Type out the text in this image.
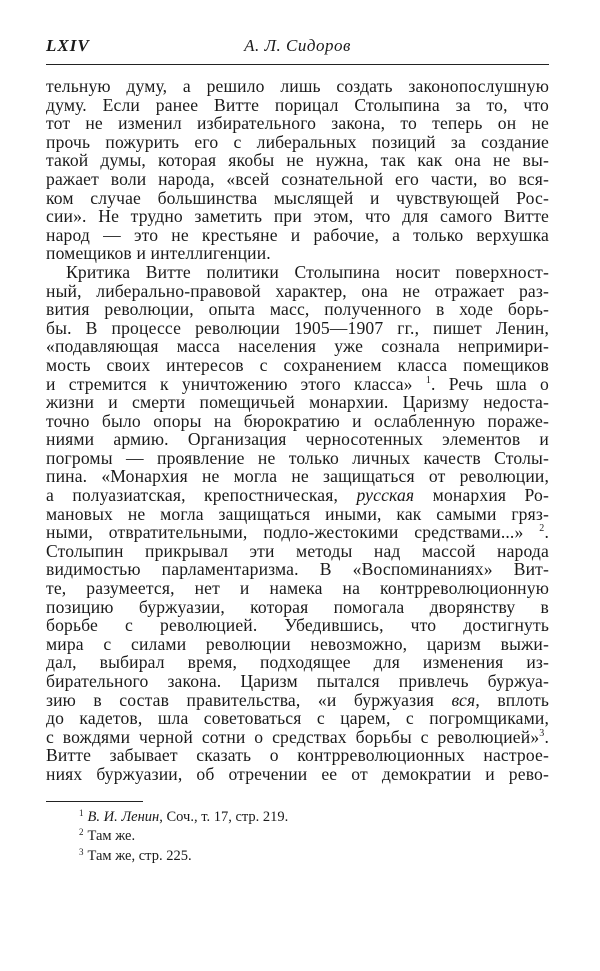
LXIV	А. Л. Сидоров
тельную думу, а решило лишь создать законопослушную
думу. Если ранее Витте порицал Столыпина за то, что
тот не изменил избирательного закона, то теперь он не
прочь пожурить его с либеральных позиций за создание
такой думы, которая якобы не нужна, так как она не вы-
ражает воли народа, «всей сознательной его части, во вся-
ком случае большинства мыслящей и чувствующей Рос-
сии». Не трудно заметить при этом, что для самого Витте
народ — это не крестьяне и рабочие, а только верхушка
помещиков и интеллигенции.
Критика Витте политики Столыпина носит поверхност-
ный, либерально-правовой характер, она не отражает раз-
вития революции, опыта масс, полученного в ходе борь-
бы. В процессе революции 1905—1907 гг., пишет Ленин,
«подавляющая масса населения уже сознала непримири-
мость своих интересов с сохранением класса помещиков
и стремится к уничтожению этого класса» $^1$. Речь шла о
жизни и смерти помещичьей монархии. Царизму недоста-
точно было опоры на бюрократию и ослабленную пораже-
ниями армию. Организация черносотенных элементов и
погромы — проявление не только личных качеств Столы-
пина. «Монархия не могла не защищаться от революции,
а полуазиатская, крепостническая, русская монархия Ро-
мановых не могла защищаться иными, как самыми гряз-
ными, отвратительными, подло-жестокими средствами...» $^2$.
Столыпин прикрывал эти методы над массой народа
видимостью парламентаризма. В «Воспоминаниях» Вит-
те, разумеется, нет и намека на контрреволюционную
позицию буржуазии, которая помогала дворянству в
борьбе с революцией. Убедившись, что достигнуть
мира с силами революции невозможно, царизм выжи-
дал, выбирал время, подходящее для изменения из-
бирательного закона. Царизм пытался привлечь буржуа-
зию в состав правительства, «и буржуазия вся, вплоть
до кадетов, шла советоваться с царем, с погромщиками,
с вождями черной сотни о средствах борьбы с революцией»$^3$.
Витте забывает сказать о контрреволюционных настрое-
ниях буржуазии, об отречении ее от демократии и рево-
$^1$ В. И. Ленин, Соч., т. 17, стр. 219.
$^2$ Там же.
$^3$ Там же, стр. 225.
